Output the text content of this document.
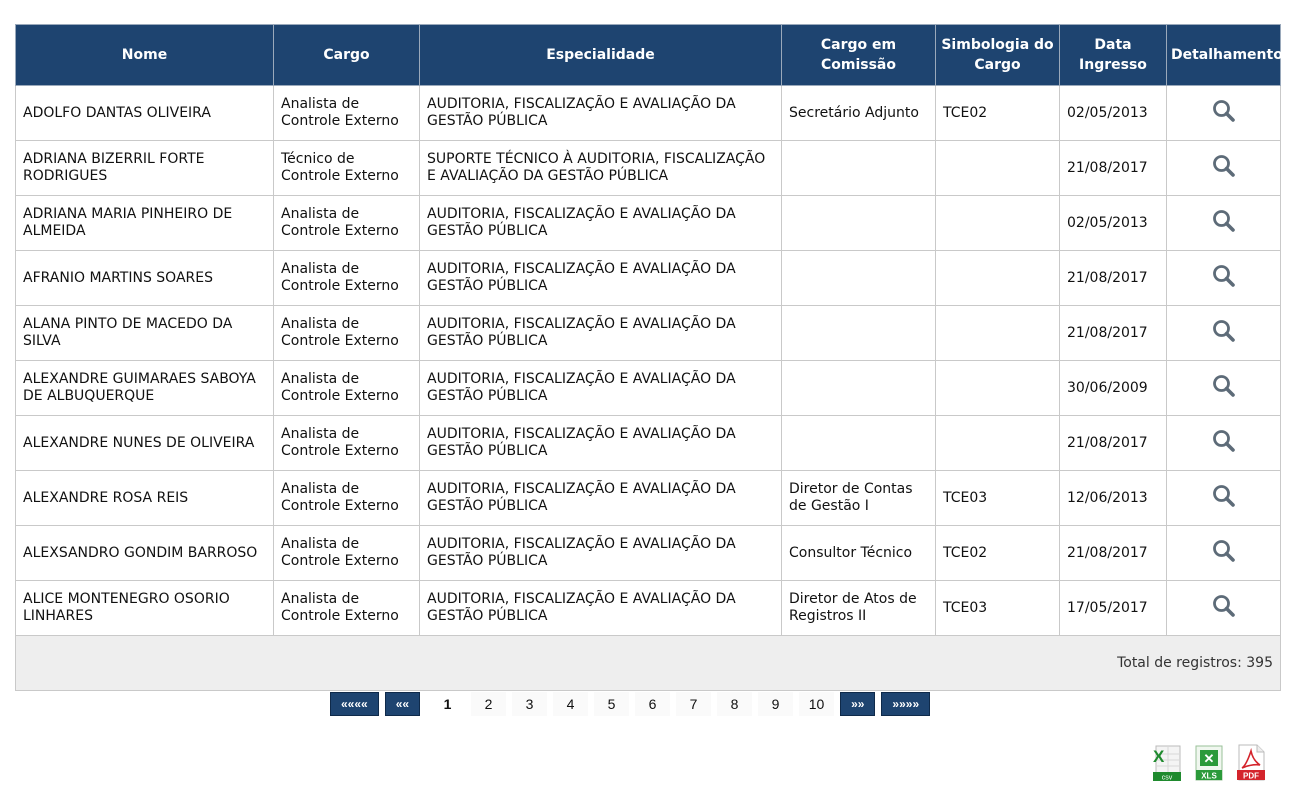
Nome	Cargo	Especialidade	Cargo em Comissão	Simbologia do Cargo	Data Ingresso	Detalhamento
ADOLFO DANTAS OLIVEIRA	Analista de Controle Externo	AUDITORIA, FISCALIZAÇÃO E AVALIAÇÃO DA GESTÃO PÚBLICA	Secretário Adjunto	TCE02	02/05/2013	
ADRIANA BIZERRIL FORTE RODRIGUES	Técnico de Controle Externo	SUPORTE TÉCNICO À AUDITORIA, FISCALIZAÇÃO E AVALIAÇÃO DA GESTÃO PÚBLICA			21/08/2017	
ADRIANA MARIA PINHEIRO DE ALMEIDA	Analista de Controle Externo	AUDITORIA, FISCALIZAÇÃO E AVALIAÇÃO DA GESTÃO PÚBLICA			02/05/2013	
AFRANIO MARTINS SOARES	Analista de Controle Externo	AUDITORIA, FISCALIZAÇÃO E AVALIAÇÃO DA GESTÃO PÚBLICA			21/08/2017	
ALANA PINTO DE MACEDO DA SILVA	Analista de Controle Externo	AUDITORIA, FISCALIZAÇÃO E AVALIAÇÃO DA GESTÃO PÚBLICA			21/08/2017	
ALEXANDRE GUIMARAES SABOYA DE ALBUQUERQUE	Analista de Controle Externo	AUDITORIA, FISCALIZAÇÃO E AVALIAÇÃO DA GESTÃO PÚBLICA			30/06/2009	
ALEXANDRE NUNES DE OLIVEIRA	Analista de Controle Externo	AUDITORIA, FISCALIZAÇÃO E AVALIAÇÃO DA GESTÃO PÚBLICA			21/08/2017	
ALEXANDRE ROSA REIS	Analista de Controle Externo	AUDITORIA, FISCALIZAÇÃO E AVALIAÇÃO DA GESTÃO PÚBLICA	Diretor de Contas de Gestão I	TCE03	12/06/2013	
ALEXSANDRO GONDIM BARROSO	Analista de Controle Externo	AUDITORIA, FISCALIZAÇÃO E AVALIAÇÃO DA GESTÃO PÚBLICA	Consultor Técnico	TCE02	21/08/2017	
ALICE MONTENEGRO OSORIO LINHARES	Analista de Controle Externo	AUDITORIA, FISCALIZAÇÃO E AVALIAÇÃO DA GESTÃO PÚBLICA	Diretor de Atos de Registros II	TCE03	17/05/2017	
Total de registros: 395						
««««	««	1	2	3	4	5	6	7	8	9	10	»»	»»»»
X
csv
✕
XLS	PDF
